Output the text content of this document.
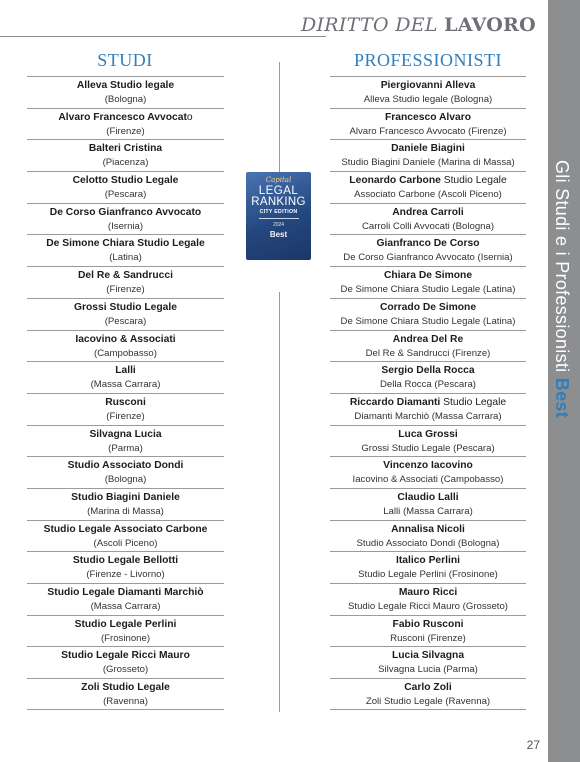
DIRITTO DEL LAVORO
STUDI	PROFESSIONISTI
Alleva Studio legale
(Bologna)
Alvaro Francesco Avvocato
(Firenze)
Balteri Cristina
(Piacenza)
Celotto Studio Legale
(Pescara)
De Corso Gianfranco Avvocato
(Isernia)
De Simone Chiara Studio Legale
(Latina)
Del Re & Sandrucci
(Firenze)
Grossi Studio Legale
(Pescara)
Iacovino & Associati
(Campobasso)
Lalli
(Massa Carrara)
Rusconi
(Firenze)
Silvagna Lucia
(Parma)
Studio Associato Dondi
(Bologna)
Studio Biagini Daniele
(Marina di Massa)
Studio Legale Associato Carbone
(Ascoli Piceno)
Studio Legale Bellotti
(Firenze - Livorno)
Studio Legale Diamanti Marchiò
(Massa Carrara)
Studio Legale Perlini
(Frosinone)
Studio Legale Ricci Mauro
(Grosseto)
Zoli Studio Legale
(Ravenna)
Piergiovanni Alleva
Alleva Studio legale (Bologna)
Francesco Alvaro
Alvaro Francesco Avvocato (Firenze)
Daniele Biagini
Studio Biagini Daniele (Marina di Massa)
Leonardo Carbone Studio Legale
Associato Carbone (Ascoli Piceno)
Andrea Carroli
Carroli Colli Avvocati (Bologna)
Gianfranco De Corso
De Corso Gianfranco Avvocato (Isernia)
Chiara De Simone
De Simone Chiara Studio Legale (Latina)
Corrado De Simone
De Simone Chiara Studio Legale (Latina)
Andrea Del Re
Del Re & Sandrucci (Firenze)
Sergio Della Rocca
Della Rocca (Pescara)
Riccardo Diamanti Studio Legale
Diamanti Marchiò (Massa Carrara)
Luca Grossi
Grossi Studio Legale (Pescara)
Vincenzo Iacovino
Iacovino & Associati (Campobasso)
Claudio Lalli
Lalli (Massa Carrara)
Annalisa Nicoli
Studio Associato Dondi (Bologna)
Italico Perlini
Studio Legale Perlini (Frosinone)
Mauro Ricci
Studio Legale Ricci Mauro (Grosseto)
Fabio Rusconi
Rusconi (Firenze)
Lucia Silvagna
Silvagna Lucia (Parma)
Carlo Zoli
Zoli Studio Legale (Ravenna)
Capital
LEGAL
RANKING
CITY EDITION
2024
Best	Gli Studi e i Professionisti Best
27
